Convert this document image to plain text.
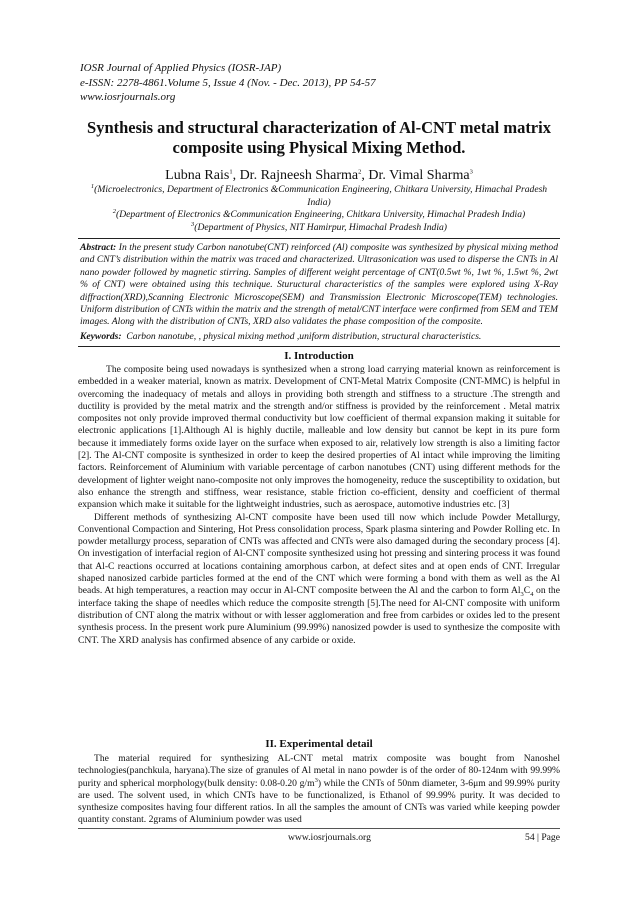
IOSR Journal of Applied Physics (IOSR-JAP)
e-ISSN: 2278-4861.Volume 5, Issue 4 (Nov. - Dec. 2013), PP 54-57
www.iosrjournals.org
Synthesis and structural characterization of Al-CNT metal matrix composite using Physical Mixing Method.
Lubna Rais$^1$, Dr. Rajneesh Sharma$^2$, Dr. Vimal Sharma$^3$
$^1$(Microelectronics, Department of Electronics &Communication Engineering, Chitkara University, Himachal Pradesh India)
$^2$(Department of Electronics &Communication Engineering, Chitkara University, Himachal Pradesh India)
$^3$(Department of Physics, NIT Hamirpur, Himachal Pradesh India)
Abstract: In the present study Carbon nanotube(CNT) reinforced (Al) composite was synthesized by physical mixing method and CNT’s distribution within the matrix was traced and characterized. Ultrasonication was used to disperse the CNTs in Al nano powder followed by magnetic stirring. Samples of different weight percentage of CNT(0.5wt %, 1wt %, 1.5wt %, 2wt % of CNT) were obtained using this technique. Stuructural characteristics of the samples were explored using X-Ray diffraction(XRD),Scanning Electronic Microscope(SEM) and Transmission Electronic Microscope(TEM) technologies. Uniform distribution of CNTs within the matrix and the strength of metal/CNT interface were confirmed from SEM and TEM images. Along with the distribution of CNTs, XRD also validates the phase composition of the composite.
Keywords: Carbon nanotube, , physical mixing method ,uniform distribution, structural characteristics.
I. Introduction

The composite being used nowadays is synthesized when a strong load carrying material known as reinforcement is embedded in a weaker material, known as matrix. Development of CNT-Metal Matrix Composite (CNT-MMC) is helpful in overcoming the inadequacy of metals and alloys in providing both strength and stiffness to a structure .The strength and ductility is provided by the metal matrix and the strength and/or stiffness is provided by the reinforcement . Metal matrix composites not only provide improved thermal conductivity but low coefficient of thermal expansion making it suitable for electronic applications [1].Although Al is highly ductile, malleable and low density but cannot be kept in its pure form because it immediately forms oxide layer on the surface when exposed to air, relatively low strength is also a limiting factor [2]. The Al-CNT composite is synthesized in order to keep the desired properties of Al intact while improving the limiting factors. Reinforcement of Aluminium with variable percentage of carbon nanotubes (CNT) using different methods for the development of lighter weight nano-composite not only improves the homogeneity, reduce the susceptibility to oxidation, but also enhance the strength and stiffness, wear resistance, stable friction co-efficient, density and coefficient of thermal expansion which make it suitable for the lightweight industries, such as aerospace, automotive industries etc. [3]

Different methods of synthesizing Al-CNT composite have been used till now which include Powder Metallurgy, Conventional Compaction and Sintering, Hot Press consolidation process, Spark plasma sintering and Powder Rolling etc. In powder metallurgy process, separation of CNTs was affected and CNTs were also damaged during the secondary process [4]. On investigation of interfacial region of Al-CNT composite synthesized using hot pressing and sintering process it was found that Al-C reactions occurred at locations containing amorphous carbon, at defect sites and at open ends of CNT. Irregular shaped nanosized carbide particles formed at the end of the CNT which were forming a bond with them as well as the Al beads. At high temperatures, a reaction may occur in Al-CNT composite between the Al and the carbon to form $Al_3C_4$ on the interface taking the shape of needles which reduce the composite strength [5].The need for Al-CNT composite with uniform distribution of CNT along the matrix without or with lesser agglomeration and free from carbides or oxides led to the present synthesis process. In the present work pure Aluminium (99.99%) nanosized powder is used to synthesize the composite with CNT. The XRD analysis has confirmed absence of any carbide or oxide.

II. Experimental detail

The material required for synthesizing AL-CNT metal matrix composite was bought from Nanoshel technologies(panchkula, haryana).The size of granules of Al metal in nano powder is of the order of 80-124nm with 99.99% purity and spherical morphology(bulk density: 0.08-0.20 $g/m^3$) while the CNTs of 50nm diameter, 3-6μm and 99.99% purity are used. The solvent used, in which CNTs have to be functionalized, is Ethanol of 99.99% purity. It was decided to synthesize composites having four different ratios. In all the samples the amount of CNTs was varied while keeping powder quantity constant. 2grams of Aluminium powder was used

www.iosrjournals.org	54 | Page
